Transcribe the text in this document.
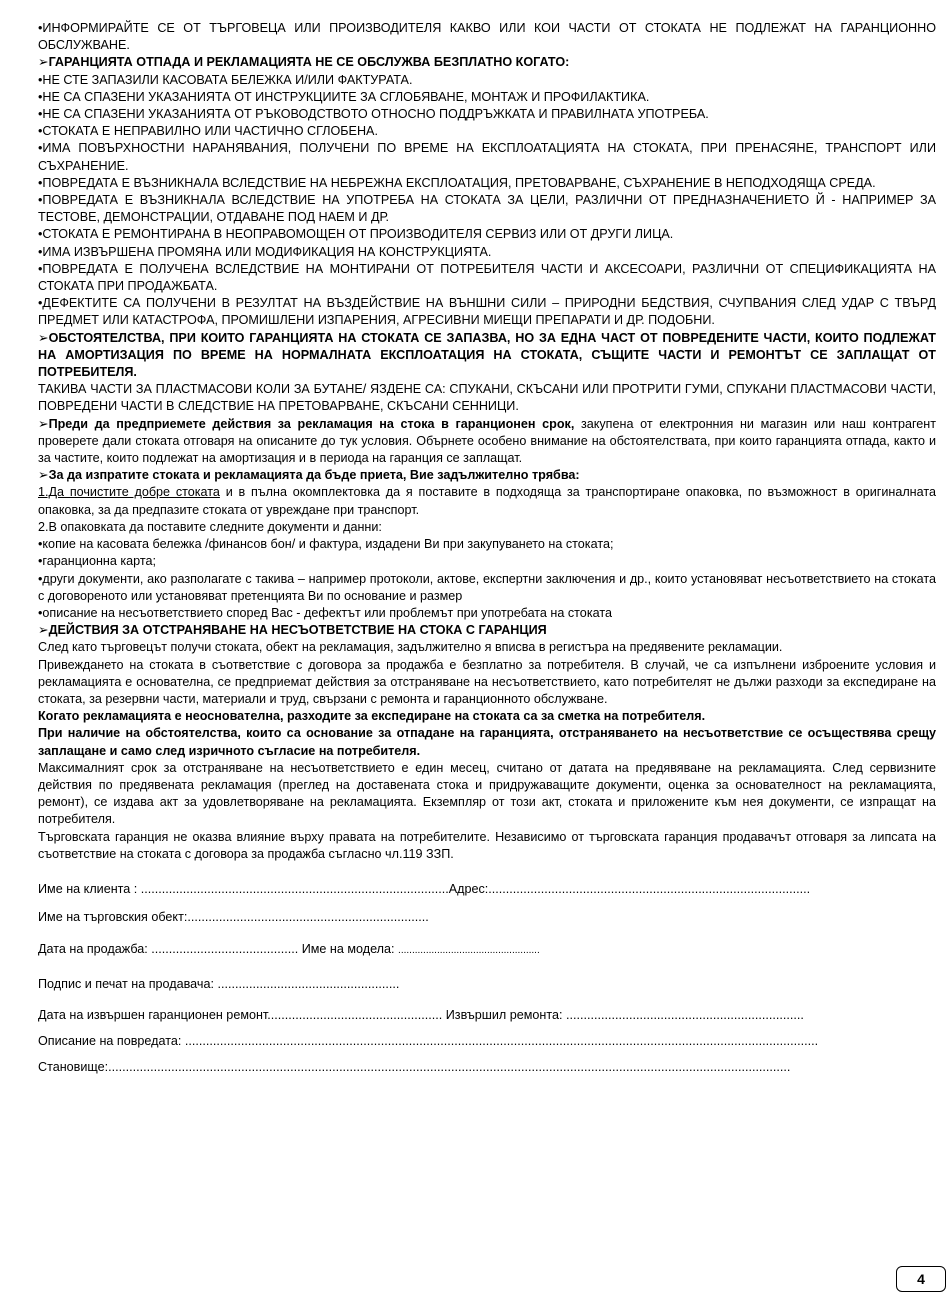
•ИНФОРМИРАЙТЕ СЕ ОТ ТЪРГОВЕЦА ИЛИ ПРОИЗВОДИТЕЛЯ КАКВО ИЛИ КОИ ЧАСТИ ОТ СТОКАТА НЕ ПОДЛЕЖАТ НА ГАРАНЦИОННО ОБСЛУЖВАНЕ.

➢ГАРАНЦИЯТА ОТПАДА И РЕКЛАМАЦИЯТА НЕ СЕ ОБСЛУЖВА БЕЗПЛАТНО КОГАТО:

•НЕ СТЕ ЗАПАЗИЛИ КАСОВАТА БЕЛЕЖКА И/ИЛИ ФАКТУРАТА.

•НЕ СА СПАЗЕНИ УКАЗАНИЯТА ОТ ИНСТРУКЦИИТЕ ЗА СГЛОБЯВАНЕ, МОНТАЖ И ПРОФИЛАКТИКА.

•НЕ СА СПАЗЕНИ УКАЗАНИЯТА ОТ РЪКОВОДСТВОТО ОТНОСНО ПОДДРЪЖКАТА И ПРАВИЛНАТА УПОТРЕБА.

•СТОКАТА Е НЕПРАВИЛНО ИЛИ ЧАСТИЧНО СГЛОБЕНА.

•ИМА ПОВЪРХНОСТНИ НАРАНЯВАНИЯ, ПОЛУЧЕНИ ПО ВРЕМЕ НА ЕКСПЛОАТАЦИЯТА НА СТОКАТА, ПРИ ПРЕНАСЯНЕ, ТРАНСПОРТ ИЛИ СЪХРАНЕНИЕ.

•ПОВРЕДАТА Е ВЪЗНИКНАЛА ВСЛЕДСТВИЕ НА НЕБРЕЖНА ЕКСПЛОАТАЦИЯ, ПРЕТОВАРВАНЕ, СЪХРАНЕНИЕ В НЕПОДХОДЯЩА СРЕДА.

•ПОВРЕДАТА Е ВЪЗНИКНАЛА ВСЛЕДСТВИЕ НА УПОТРЕБА НА СТОКАТА ЗА ЦЕЛИ, РАЗЛИЧНИ ОТ ПРЕДНАЗНАЧЕНИЕТО Й - НАПРИМЕР ЗА ТЕСТОВЕ, ДЕМОНСТРАЦИИ, ОТДАВАНЕ ПОД НАЕМ И ДР.

•СТОКАТА Е РЕМОНТИРАНА В НЕОПРАВОМОЩЕН ОТ ПРОИЗВОДИТЕЛЯ СЕРВИЗ ИЛИ ОТ ДРУГИ ЛИЦА.

•ИМА ИЗВЪРШЕНА ПРОМЯНА ИЛИ МОДИФИКАЦИЯ НА КОНСТРУКЦИЯТА.

•ПОВРЕДАТА Е ПОЛУЧЕНА ВСЛЕДСТВИЕ НА МОНТИРАНИ ОТ ПОТРЕБИТЕЛЯ ЧАСТИ И АКСЕСОАРИ, РАЗЛИЧНИ ОТ СПЕЦИФИКАЦИЯТА НА СТОКАТА ПРИ ПРОДАЖБАТА.

•ДЕФЕКТИТЕ СА ПОЛУЧЕНИ В РЕЗУЛТАТ НА ВЪЗДЕЙСТВИЕ НА ВЪНШНИ СИЛИ – ПРИРОДНИ БЕДСТВИЯ, СЧУПВАНИЯ СЛЕД УДАР С ТВЪРД ПРЕДМЕТ ИЛИ КАТАСТРОФА, ПРОМИШЛЕНИ ИЗПАРЕНИЯ, АГРЕСИВНИ МИЕЩИ ПРЕПАРАТИ И ДР. ПОДОБНИ.

➢ОБСТОЯТЕЛСТВА, ПРИ КОИТО ГАРАНЦИЯТА НА СТОКАТА СЕ ЗАПАЗВА, НО ЗА ЕДНА ЧАСТ ОТ ПОВРЕДЕНИТЕ ЧАСТИ, КОИТО ПОДЛЕЖАТ НА АМОРТИЗАЦИЯ ПО ВРЕМЕ НА НОРМАЛНАТА ЕКСПЛОАТАЦИЯ НА СТОКАТА, СЪЩИТЕ ЧАСТИ И РЕМОНТЪТ СЕ ЗАПЛАЩАТ ОТ ПОТРЕБИТЕЛЯ.

ТАКИВА ЧАСТИ ЗА ПЛАСТМАСОВИ КОЛИ ЗА БУТАНЕ/ ЯЗДЕНЕ СА: СПУКАНИ, СКЪСАНИ ИЛИ ПРОТРИТИ ГУМИ, СПУКАНИ ПЛАСТМАСОВИ ЧАСТИ, ПОВРЕДЕНИ ЧАСТИ В СЛЕДСТВИЕ НА ПРЕТОВАРВАНЕ, СКЪСАНИ СЕННИЦИ.

➢Преди да предприемете действия за рекламация на стока в гаранционен срок, закупена от електронния ни магазин или наш контрагент проверете дали стоката отговаря на описаните до тук условия. Обърнете особено внимание на обстоятелствата, при които гаранцията отпада, както и за частите, които подлежат на амортизация и в периода на гаранция се заплащат.

➢За да изпратите стоката и рекламацията да бъде приета, Вие задължително трябва:

1.Да почистите добре стоката и в пълна окомплектовка да я поставите в подходяща за транспортиране опаковка, по възможност в оригиналната опаковка, за да предпазите стоката от увреждане при транспорт.

2.В опаковката да поставите следните документи и данни:

•копие на касовата бележка /финансов бон/ и фактура, издадени Ви при закупуването на стоката;

•гаранционна карта;

•други документи, ако разполагате с такива – например протоколи, актове, експертни заключения и др., които установяват несъответствието на стоката с договореното или установяват претенцията Ви по основание и размер

•описание на несъответствието според Вас - дефектът или проблемът при употребата на стоката

➢ДЕЙСТВИЯ ЗА ОТСТРАНЯВАНЕ НА НЕСЪОТВЕТСТВИЕ НА СТОКА С ГАРАНЦИЯ

След като търговецът получи стоката, обект на рекламация, задължително я вписва в регистъра на предявените рекламации.

Привеждането на стоката в съответствие с договора за продажба е безплатно за потребителя. В случай, че са изпълнени изброените условия и рекламацията е основателна, се предприемат действия за отстраняване на несъответствието, като потребителят не дължи разходи за експедиране на стоката, за резервни части, материали и труд, свързани с ремонта и гаранционното обслужване.

Когато рекламацията е неоснователна, разходите за експедиране на стоката са за сметка на потребителя.

При наличие на обстоятелства, които са основание за отпадане на гаранцията, отстраняването на несъответствие се осъществява срещу заплащане и само след изричното съгласие на потребителя.

Максималният срок за отстраняване на несъответствието е един месец, считано от датата на предявяване на рекламацията. След сервизните действия по предявената рекламация (преглед на доставената стока и придружаващите документи, оценка за основателност на рекламацията, ремонт), се издава акт за удовлетворяване на рекламацията. Екземпляр от този акт, стоката и приложените към нея документи, се изпращат на потребителя.

Търговската гаранция не оказва влияние върху правата на потребителите. Независимо от търговската гаранция продавачът отговаря за липсата на съответствие на стоката с договора за продажба съгласно чл.119 ЗЗП.

Име на клиента : ........................................................................................Адрес:............................................................................................
Име на търговския обект:.....................................................................
Дата на продажба: .......................................... Име на модела: ...................................................
Подпис и печат на продавача: ....................................................
Дата на извършен гаранционен ремонт.................................................. Извършил ремонта: ....................................................................
Описание на повредата: .....................................................................................................................................................................................
Становище:...................................................................................................................................................................................................
4
